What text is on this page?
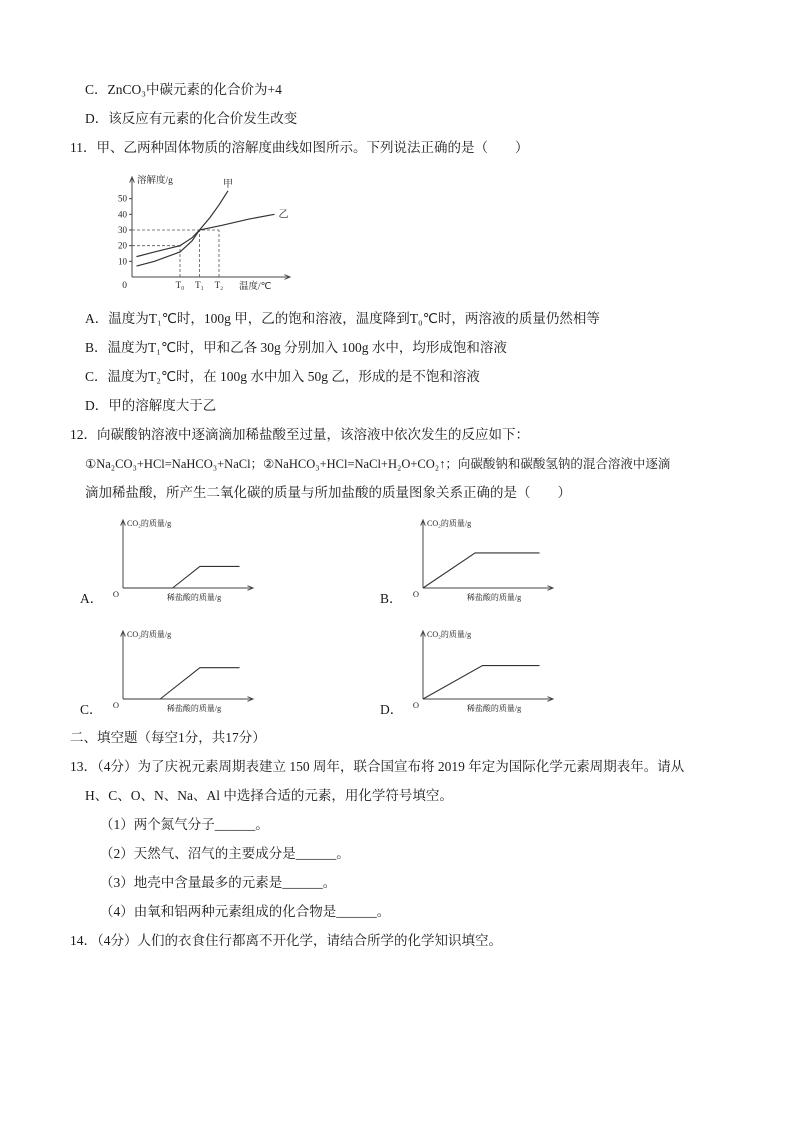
C．ZnCO₃中碳元素的化合价为+4

D．该反应有元素的化合价发生改变

11．甲、乙两种固体物质的溶解度曲线如图所示。下列说法正确的是（　　）

溶解度/g
温度/℃
0
50
40
30
20
10
T₀ T₁ T₂
甲
乙

A．温度为T₁℃时，100g 甲，乙的饱和溶液，温度降到T₀℃时，两溶液的质量仍然相等

B．温度为T₁℃时，甲和乙各 30g 分别加入 100g 水中，均形成饱和溶液

C．温度为T₂℃时，在 100g 水中加入 50g 乙，形成的是不饱和溶液

D．甲的溶解度大于乙

12．向碳酸钠溶液中逐滴滴加稀盐酸至过量，该溶液中依次发生的反应如下：

①Na₂CO₃+HCl=NaHCO₃+NaCl；②NaHCO₃+HCl=NaCl+H₂O+CO₂↑；向碳酸钠和碳酸氢钠的混合溶液中逐滴

滴加稀盐酸，所产生二氧化碳的质量与所加盐酸的质量图象关系正确的是（　　）

A．
CO₂的质量/g
稀盐酸的质量/g
O	B．
CO₂的质量/g
稀盐酸的质量/g
O
C．
CO₂的质量/g
稀盐酸的质量/g
O	D．
CO₂的质量/g
稀盐酸的质量/g
O

二、填空题（每空1分，共17分）

13．（4分）为了庆祝元素周期表建立 150 周年，联合国宣布将 2019 年定为国际化学元素周期表年。请从

H、C、O、N、Na、Al 中选择合适的元素，用化学符号填空。

（1）两个氮气分子______。

（2）天然气、沼气的主要成分是______。

（3）地壳中含量最多的元素是______。

（4）由氧和铝两种元素组成的化合物是______。

14．（4分）人们的衣食住行都离不开化学，请结合所学的化学知识填空。
